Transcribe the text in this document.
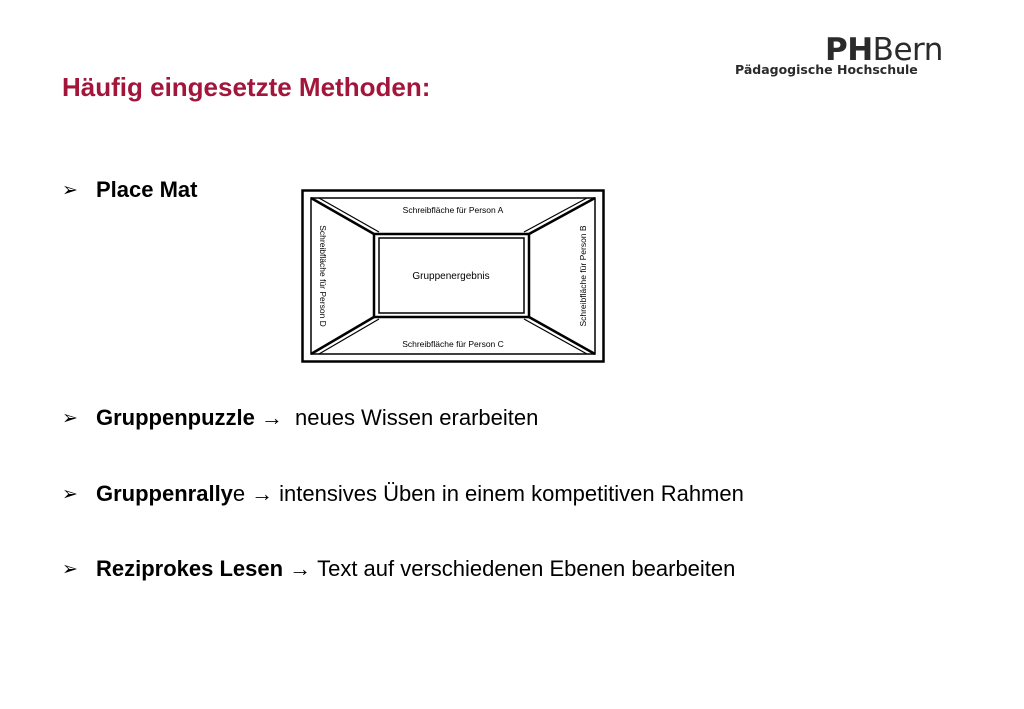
PHBern
Pädagogische Hochschule
Häufig eingesetzte Methoden:
➢ Place Mat
Schreibfläche für Person A
Schreibfläche für Person C
Gruppenergebnis
Schreibfläche für Person D	Schreibfläche für Person B
➢ Gruppenpuzzle → neues Wissen erarbeiten
➢ Gruppenrally e → intensives Üben in einem kompetitiven Rahmen
➢ Reziprokes Lesen → Text auf verschiedenen Ebenen bearbeiten
